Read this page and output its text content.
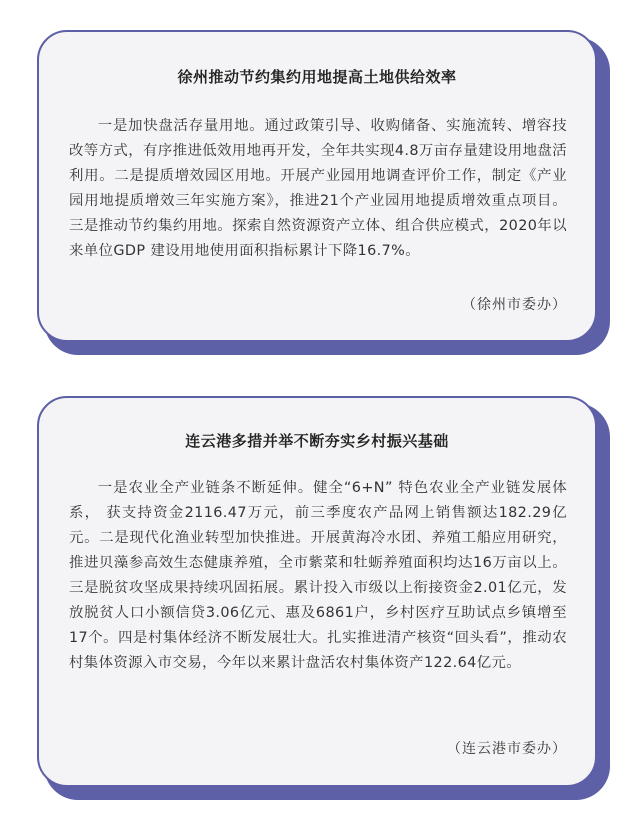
徐州推动节约集约用地提高土地供给效率

一是加快盘活存量用地。通过政策引导、收购储备、实施流转、增容技改等方式，有序推进低效用地再开发，全年共实现4.8万亩存量建设用地盘活利用。二是提质增效园区用地。开展产业园用地调查评价工作，制定《产业园用地提质增效三年实施方案》，推进21个产业园用地提质增效重点项目。三是推动节约集约用地。探索自然资源资产立体、组合供应模式，2020年以来单位GDP 建设用地使用面积指标累计下降16.7%。

（徐州市委办）
连云港多措并举不断夯实乡村振兴基础

一是农业全产业链条不断延伸。健全“6+N” 特色农业全产业链发展体系， 获支持资金2116.47万元，前三季度农产品网上销售额达182.29亿元。二是现代化渔业转型加快推进。开展黄海冷水团、养殖工船应用研究，推进贝藻参高效生态健康养殖，全市紫菜和牡蛎养殖面积均达16万亩以上。三是脱贫攻坚成果持续巩固拓展。累计投入市级以上衔接资金2.01亿元，发放脱贫人口小额信贷3.06亿元、惠及6861户，乡村医疗互助试点乡镇增至17个。四是村集体经济不断发展壮大。扎实推进清产核资“回头看”，推动农村集体资源入市交易，今年以来累计盘活农村集体资产122.64亿元。

（连云港市委办）
